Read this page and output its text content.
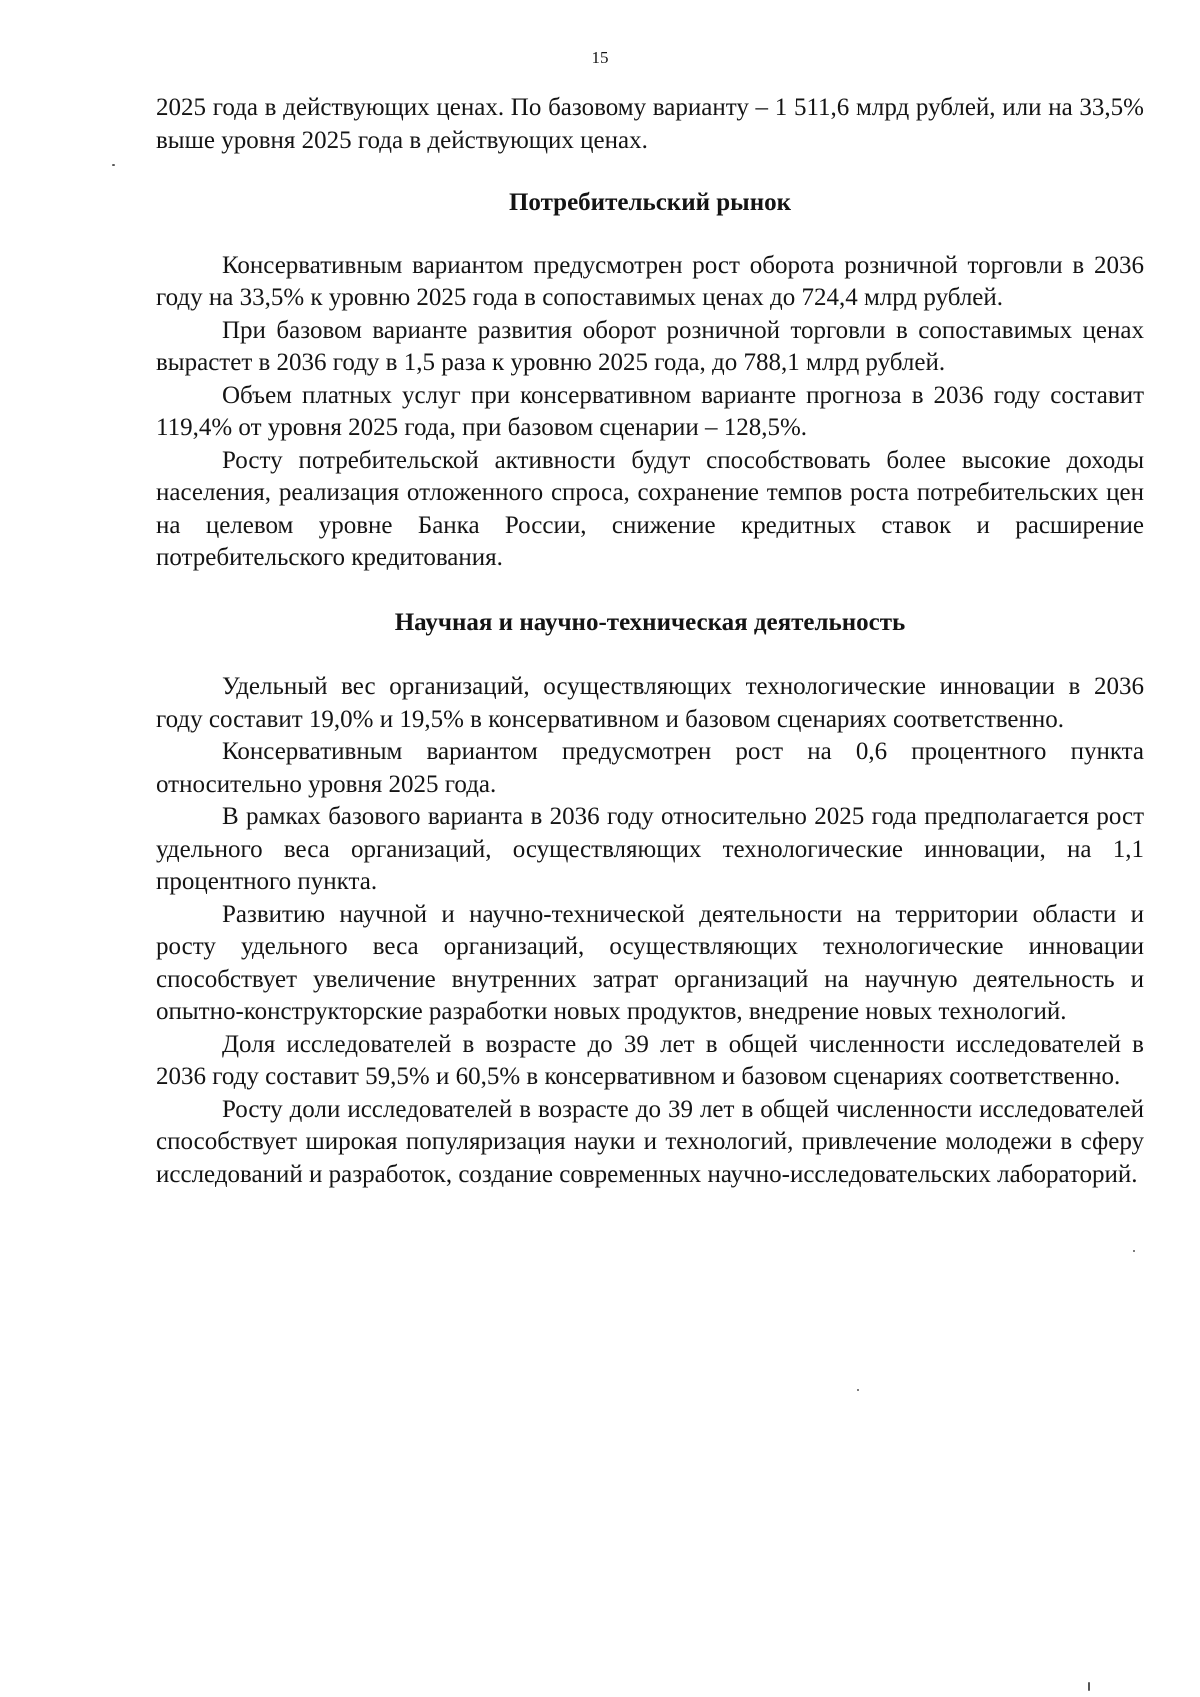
15

2025 года в действующих ценах. По базовому варианту – 1 511,6 млрд рублей, или на 33,5% выше уровня 2025 года в действующих ценах.

Потребительский рынок

Консервативным вариантом предусмотрен рост оборота розничной торговли в 2036 году на 33,5% к уровню 2025 года в сопоставимых ценах до 724,4 млрд рублей.

При базовом варианте развития оборот розничной торговли в сопоставимых ценах вырастет в 2036 году в 1,5 раза к уровню 2025 года, до 788,1 млрд рублей.

Объем платных услуг при консервативном варианте прогноза в 2036 году составит 119,4% от уровня 2025 года, при базовом сценарии – 128,5%.

Росту потребительской активности будут способствовать более высокие доходы населения, реализация отложенного спроса, сохранение темпов роста потребительских цен на целевом уровне Банка России, снижение кредитных ставок и расширение потребительского кредитования.

Научная и научно-техническая деятельность

Удельный вес организаций, осуществляющих технологические инновации в 2036 году составит 19,0% и 19,5% в консервативном и базовом сценариях соответственно.

Консервативным вариантом предусмотрен рост на 0,6 процентного пункта относительно уровня 2025 года.

В рамках базового варианта в 2036 году относительно 2025 года предполагается рост удельного веса организаций, осуществляющих технологические инновации, на 1,1 процентного пункта.

Развитию научной и научно-технической деятельности на территории области и росту удельного веса организаций, осуществляющих технологические инновации способствует увеличение внутренних затрат организаций на научную деятельность и опытно-конструкторские разработки новых продуктов, внедрение новых технологий.

Доля исследователей в возрасте до 39 лет в общей численности исследователей в 2036 году составит 59,5% и 60,5% в консервативном и базовом сценариях соответственно.

Росту доли исследователей в возрасте до 39 лет в общей численности исследователей способствует широкая популяризация науки и технологий, привлечение молодежи в сферу исследований и разработок, создание современных научно-исследовательских лабораторий.
